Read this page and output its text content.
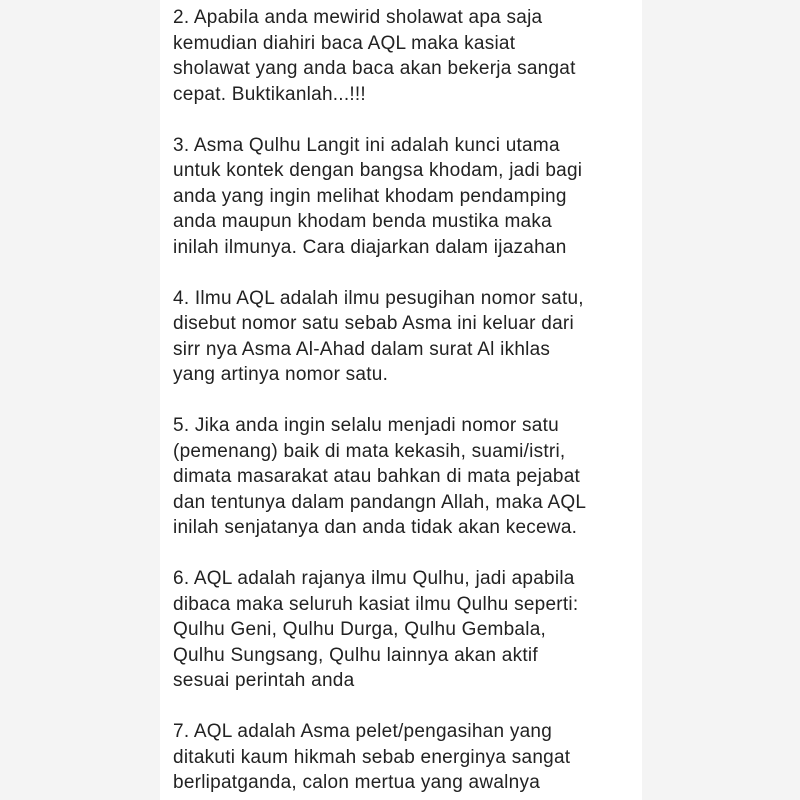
2. Apabila anda mewirid sholawat apa saja
kemudian diahiri baca AQL maka kasiat
sholawat yang anda baca akan bekerja sangat
cepat. Buktikanlah...!!!
3. Asma Qulhu Langit ini adalah kunci utama
untuk kontek dengan bangsa khodam, jadi bagi
anda yang ingin melihat khodam pendamping
anda maupun khodam benda mustika maka
inilah ilmunya. Cara diajarkan dalam ijazahan
4. Ilmu AQL adalah ilmu pesugihan nomor satu,
disebut nomor satu sebab Asma ini keluar dari
sirr nya Asma Al-Ahad dalam surat Al ikhlas
yang artinya nomor satu.
5. Jika anda ingin selalu menjadi nomor satu
(pemenang) baik di mata kekasih, suami/istri,
dimata masarakat atau bahkan di mata pejabat
dan tentunya dalam pandangn Allah, maka AQL
inilah senjatanya dan anda tidak akan kecewa.
6. AQL adalah rajanya ilmu Qulhu, jadi apabila
dibaca maka seluruh kasiat ilmu Qulhu seperti:
Qulhu Geni, Qulhu Durga, Qulhu Gembala,
Qulhu Sungsang, Qulhu lainnya akan aktif
sesuai perintah anda
7. AQL adalah Asma pelet/pengasihan yang
ditakuti kaum hikmah sebab energinya sangat
berlipatganda, calon mertua yang awalnya
